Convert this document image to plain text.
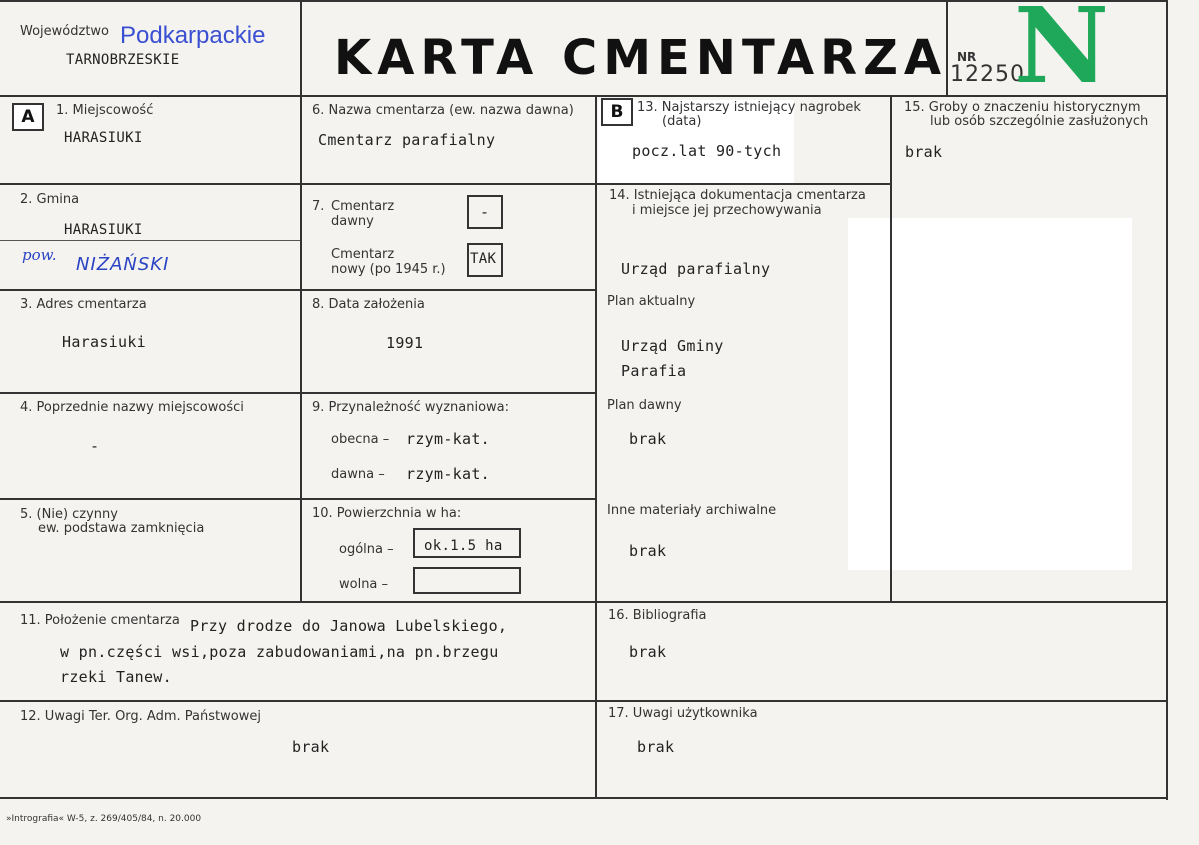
Województwo Podkarpackie
TARNOBRZESKIE	KARTA CMENTARZA NR
12250
N
A	1. Miejscowość
HARASIUKI
2. Gmina
HARASIUKI
pow. NIŻAŃSKI
3. Adres cmentarza
Harasiuki
4. Poprzednie nazwy miejscowości
-
5. (Nie) czynny
ew. podstawa zamknięcia
6. Nazwa cmentarza (ew. nazwa dawna)
Cmentarz parafialny
7. Cmentarz
dawny
-
Cmentarz
nowy (po 1945 r.)
TAK
8. Data założenia
1991
9. Przynależność wyznaniowa:
obecna – rzym-kat.
dawna – rzym-kat.
10. Powierzchnia w ha:
ogólna – ok.1.5 ha
wolna –
B	13. Najstarszy istniejący nagrobek
(data)
pocz.lat 90-tych
14. Istniejąca dokumentacja cmentarza
i miejsce jej przechowywania
Urząd parafialny
Plan aktualny
Urząd Gminy
Parafia
Plan dawny
brak
Inne materiały archiwalne
brak
15. Groby o znaczeniu historycznym
lub osób szczególnie zasłużonych
brak
11. Położenie cmentarza Przy drodze do Janowa Lubelskiego,
w pn.części wsi,poza zabudowaniami,na pn.brzegu
rzeki Tanew.
16. Bibliografia
brak
12. Uwagi Ter. Org. Adm. Państwowej
brak
17. Uwagi użytkownika
brak
»Intrografia« W-5, z. 269/405/84, n. 20.000
